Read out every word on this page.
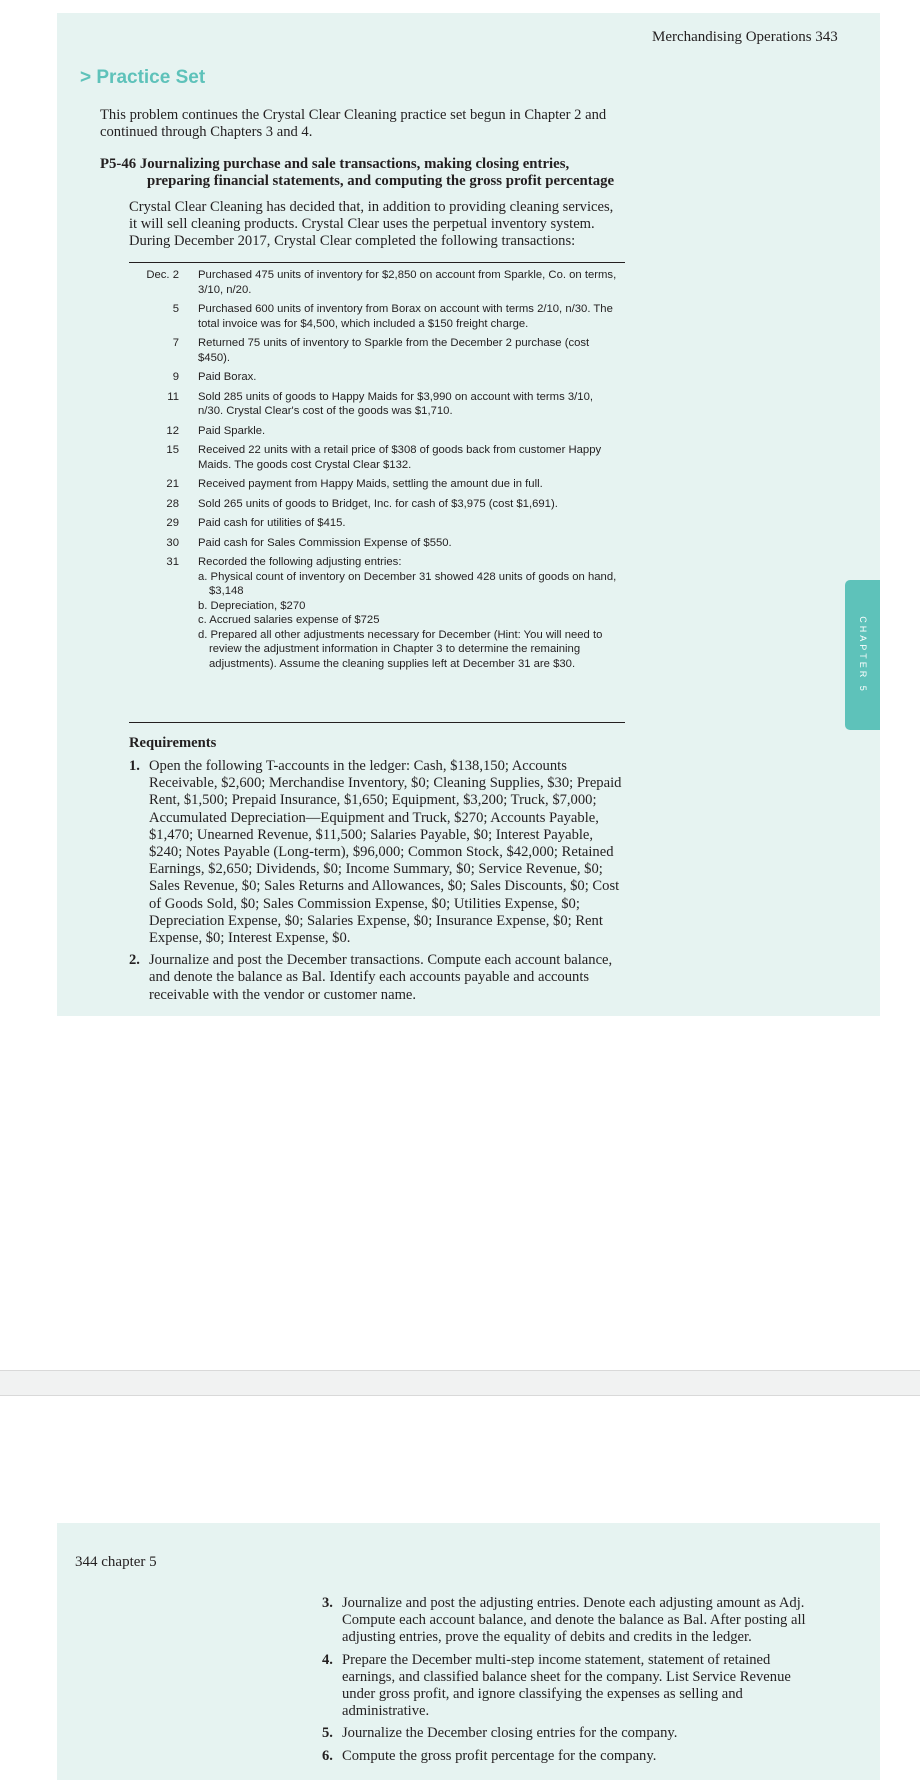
Merchandising Operations 343
CHAPTER 5
> Practice Set
This problem continues the Crystal Clear Cleaning practice set begun in Chapter 2 and continued through Chapters 3 and 4.
P5-46 Journalizing purchase and sale transactions, making closing entries,
preparing financial statements, and computing the gross profit percentage
Crystal Clear Cleaning has decided that, in addition to providing cleaning services, it will sell cleaning products. Crystal Clear uses the perpetual inventory system. During December 2017, Crystal Clear completed the following transactions:
Dec. 2 Purchased 475 units of inventory for $2,850 on account from Sparkle, Co. on terms, 3/10, n/20.
5 Purchased 600 units of inventory from Borax on account with terms 2/10, n/30. The total invoice was for $4,500, which included a $150 freight charge.
7 Returned 75 units of inventory to Sparkle from the December 2 purchase (cost $450).
9 Paid Borax.
11 Sold 285 units of goods to Happy Maids for $3,990 on account with terms 3/10, n/30. Crystal Clear's cost of the goods was $1,710.
12 Paid Sparkle.
15 Received 22 units with a retail price of $308 of goods back from customer Happy Maids. The goods cost Crystal Clear $132.
21 Received payment from Happy Maids, settling the amount due in full.
28 Sold 265 units of goods to Bridget, Inc. for cash of $3,975 (cost $1,691).
29 Paid cash for utilities of $415.
30 Paid cash for Sales Commission Expense of $550.
31 Recorded the following adjusting entries:

a. Physical count of inventory on December 31 showed 428 units of goods on hand, $3,148

b. Depreciation, $270

c. Accrued salaries expense of $725

d. Prepared all other adjustments necessary for December (Hint: You will need to review the adjustment information in Chapter 3 to determine the remaining adjustments). Assume the cleaning supplies left at December 31 are $30.

Requirements
1. Open the following T-accounts in the ledger: Cash, $138,150; Accounts Receivable, $2,600; Merchandise Inventory, $0; Cleaning Supplies, $30; Prepaid Rent, $1,500; Prepaid Insurance, $1,650; Equipment, $3,200; Truck, $7,000; Accumulated Depreciation—Equipment and Truck, $270; Accounts Payable, $1,470; Unearned Revenue, $11,500; Salaries Payable, $0; Interest Payable, $240; Notes Payable (Long-term), $96,000; Common Stock, $42,000; Retained Earnings, $2,650; Dividends, $0; Income Summary, $0; Service Revenue, $0; Sales Revenue, $0; Sales Returns and Allowances, $0; Sales Discounts, $0; Cost of Goods Sold, $0; Sales Commission Expense, $0; Utilities Expense, $0; Depreciation Expense, $0; Salaries Expense, $0; Insurance Expense, $0; Rent Expense, $0; Interest Expense, $0.
2. Journalize and post the December transactions. Compute each account balance, and denote the balance as Bal. Identify each accounts payable and accounts receivable with the vendor or customer name.
344 chapter 5
3. Journalize and post the adjusting entries. Denote each adjusting amount as Adj. Compute each account balance, and denote the balance as Bal. After posting all adjusting entries, prove the equality of debits and credits in the ledger.
4. Prepare the December multi-step income statement, statement of retained earnings, and classified balance sheet for the company. List Service Revenue under gross profit, and ignore classifying the expenses as selling and administrative.
5. Journalize the December closing entries for the company.
6. Compute the gross profit percentage for the company.
